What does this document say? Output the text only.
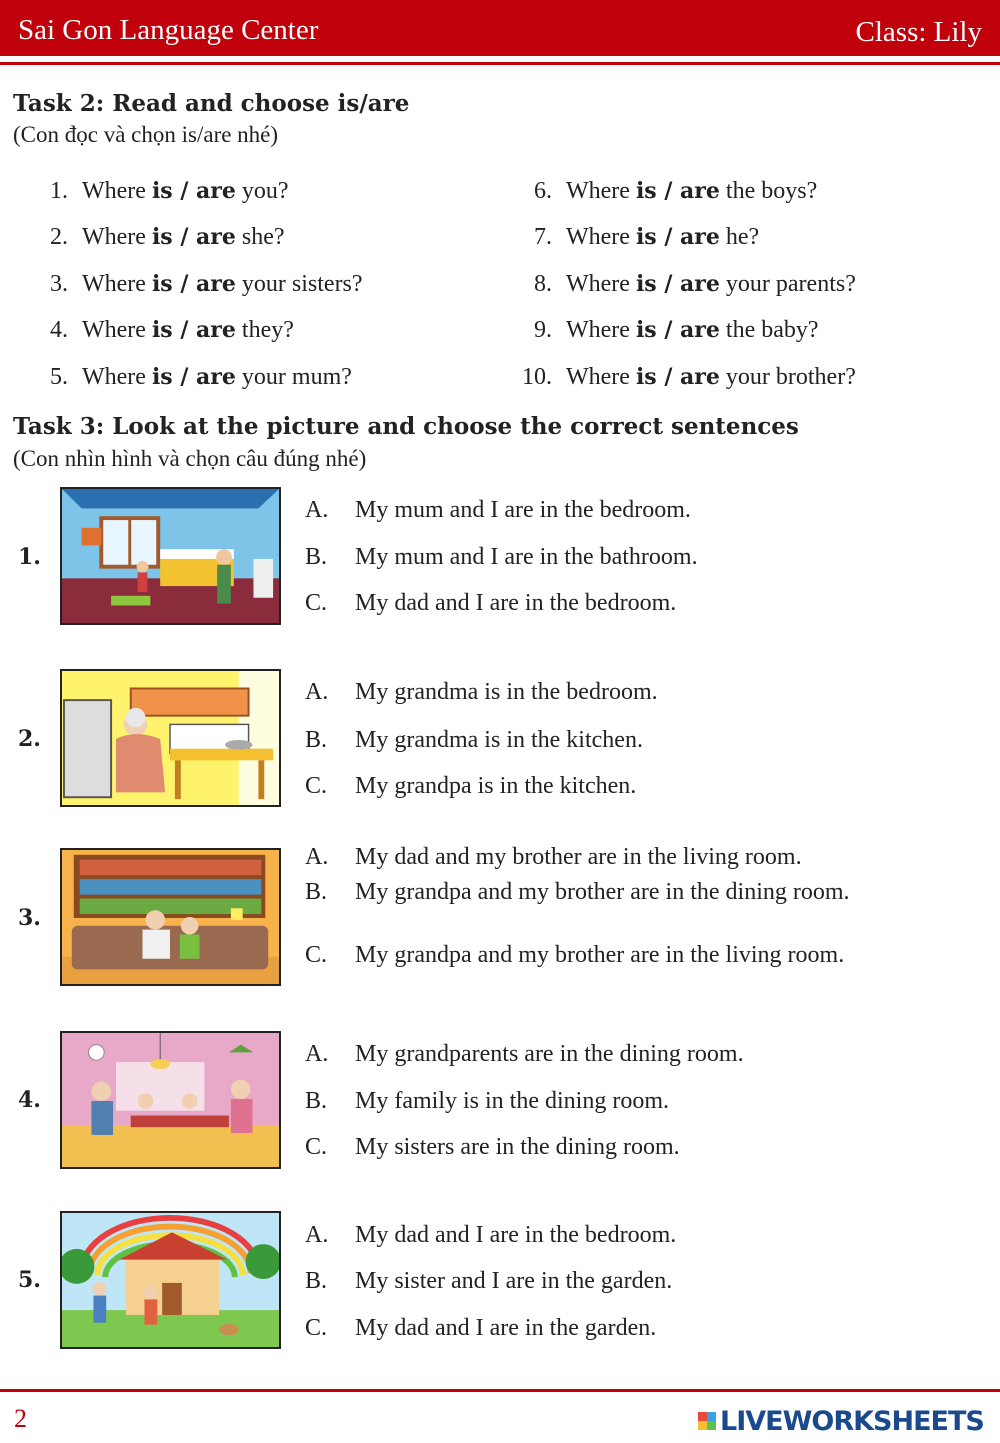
Sai Gon Language Center	Class: Lily
Task 2: Read and choose is/are
(Con đọc và chọn is/are nhé)
1. Where is / are you?
2. Where is / are she?
3. Where is / are your sisters?
4. Where is / are they?
5. Where is / are your mum?
6. Where is / are the boys?
7. Where is / are he?
8. Where is / are your parents?
9. Where is / are the baby?
10. Where is / are your brother?
Task 3: Look at the picture and choose the correct sentences
(Con nhìn hình và chọn câu đúng nhé)
1.
A.	My mum and I are in the bedroom.
B.	My mum and I are in the bathroom.
C.	My dad and I are in the bedroom.
2.
A.	My grandma is in the bedroom.
B.	My grandma is in the kitchen.
C.	My grandpa is in the kitchen.
3.
A.	My dad and my brother are in the living room.
B.	My grandpa and my brother are in the dining room.
C.	My grandpa and my brother are in the living room.
4.
A.	My grandparents are in the dining room.
B.	My family is in the dining room.
C.	My sisters are in the dining room.
5.
A.	My dad and I are in the bedroom.
B.	My sister and I are in the garden.
C.	My dad and I are in the garden.
2	LIVEWORKSHEETS
